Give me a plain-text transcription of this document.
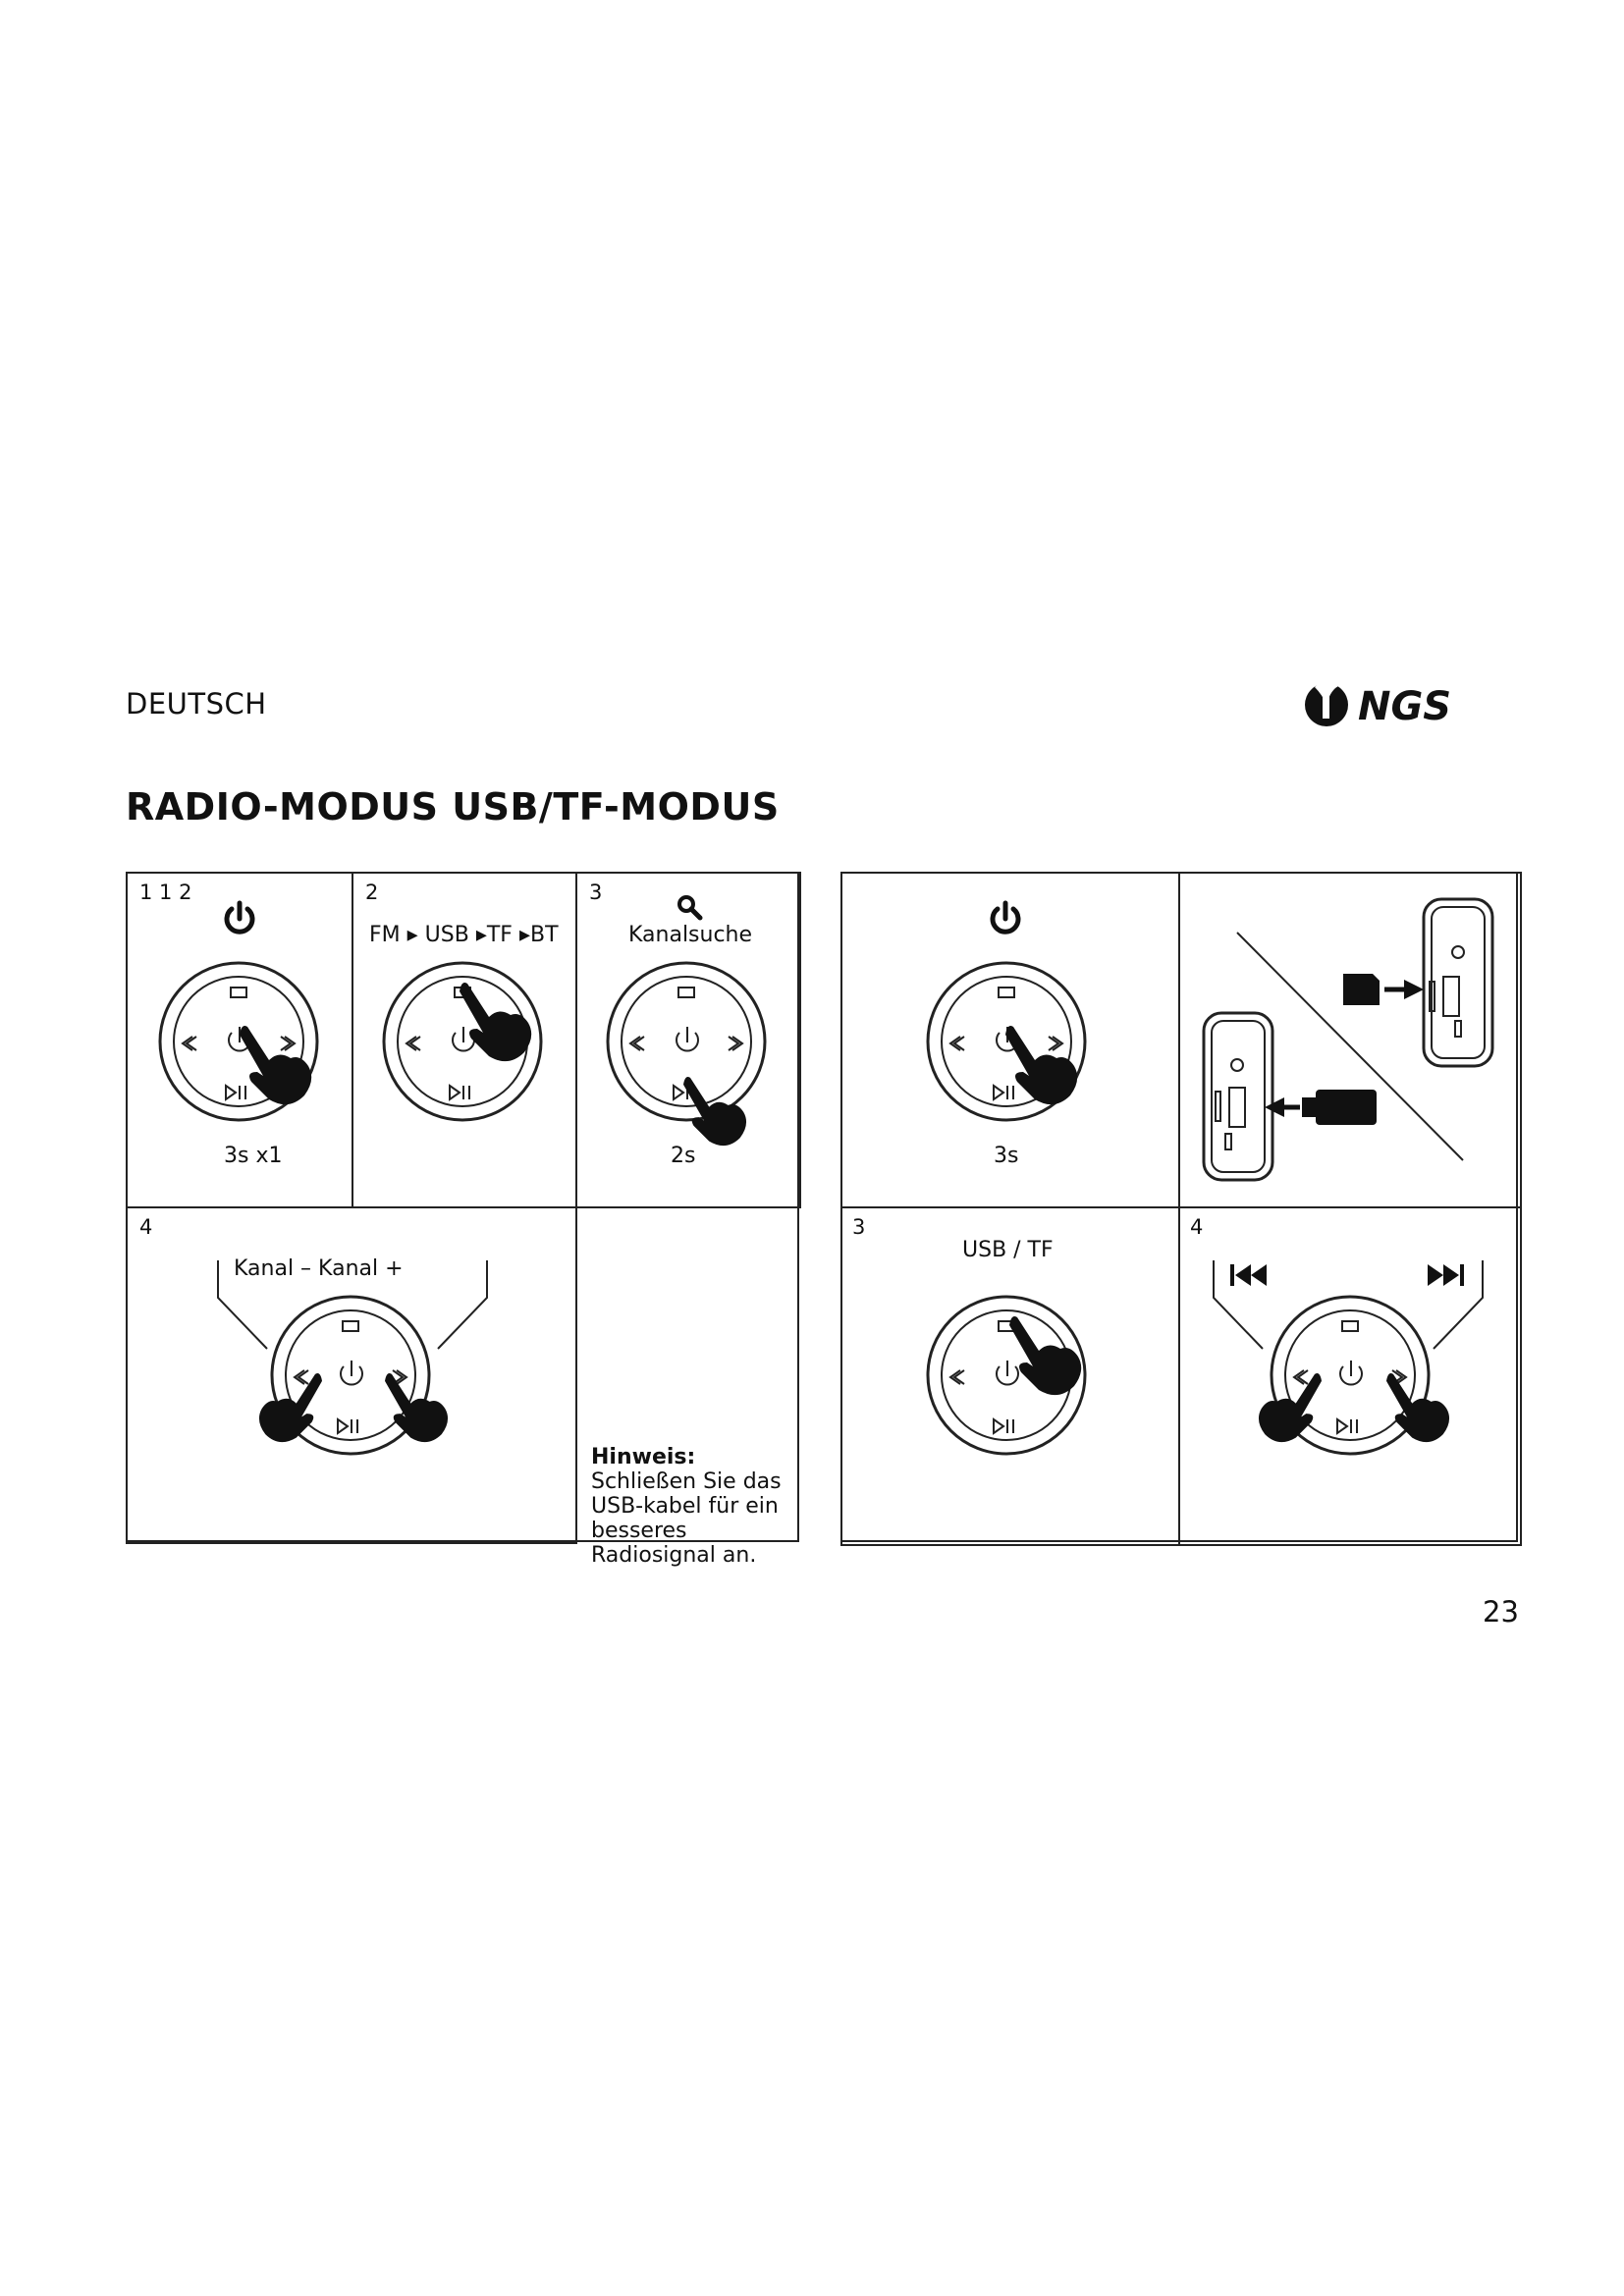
DEUTSCH	NGS
RADIO-MODUS USB/TF-MODUS
1 1 2	2	3
4	3	4
FM ▸ USB ▸TF ▸BT	Kanalsuche
3s x1	2s
Kanal – Kanal +
3s
USB / TF
Hinweis: Schließen Sie das USB-kabel für ein besseres Radiosignal an.
23
